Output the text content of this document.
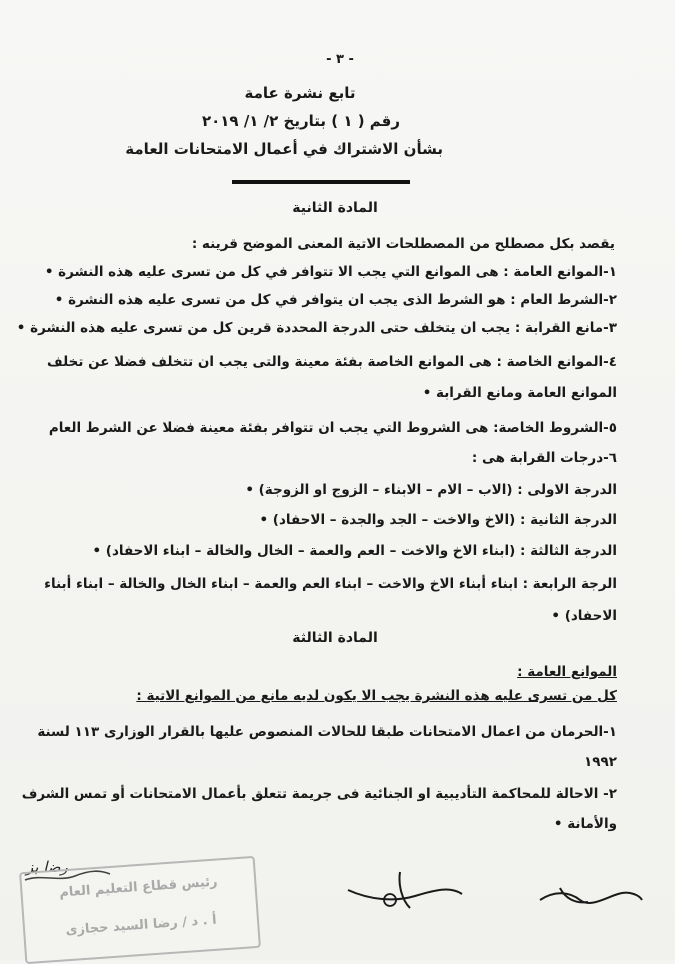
- ٣ -
تابع نشرة عامة
رقم ( ١ ) بتاريخ ٢/ ١/ ٢٠١٩
بشأن الاشتراك في أعمال الامتحانات العامة
المادة الثانية
يقصد بكل مصطلح من المصطلحات الاتية المعنى الموضح قرينه :
١-الموانع العامة : هى الموانع التي يجب الا تتوافر في كل من تسرى عليه هذه النشرة •
٢-الشرط العام : هو الشرط الذى يجب ان يتوافر في كل من تسرى عليه هذه النشرة •
٣-مانع القرابة : يجب ان يتخلف حتى الدرجة المحددة قرين كل من تسرى عليه هذه النشرة •
٤-الموانع الخاصة : هى الموانع الخاصة بفئة معينة والتى يجب ان تتخلف فضلا عن تخلف
الموانع العامة ومانع القرابة •
٥-الشروط الخاصة: هى الشروط التي يجب ان تتوافر بفئة معينة فضلا عن الشرط العام
٦-درجات القرابة هى :
الدرجة الاولى : (الاب – الام – الابناء – الزوج او الزوجة) •
الدرجة الثانية : (الاخ والاخت – الجد والجدة – الاحفاد) •
الدرجة الثالثة : (ابناء الاخ والاخت – العم والعمة – الخال والخالة – ابناء الاحفاد) •
الرجة الرابعة : ابناء أبناء الاخ والاخت – ابناء العم والعمة – ابناء الخال والخالة – ابناء أبناء
الاحفاد) •
المادة الثالثة
الموانع العامة :
كل من تسرى عليه هذه النشرة يجب الا يكون لديه مانع من الموانع الاتية :
١-الحرمان من اعمال الامتحانات طبقا للحالات المنصوص عليها بالقرار الوزارى ١١٣ لسنة
١٩٩٢
٢- الاحالة للمحاكمة التأديبية او الجنائية فى جريمة تتعلق بأعمال الامتحانات أو تمس الشرف
والأمانة •
رضا بز
رئيس قطاع التعليم العام
أ . د / رضا السيد حجازى
